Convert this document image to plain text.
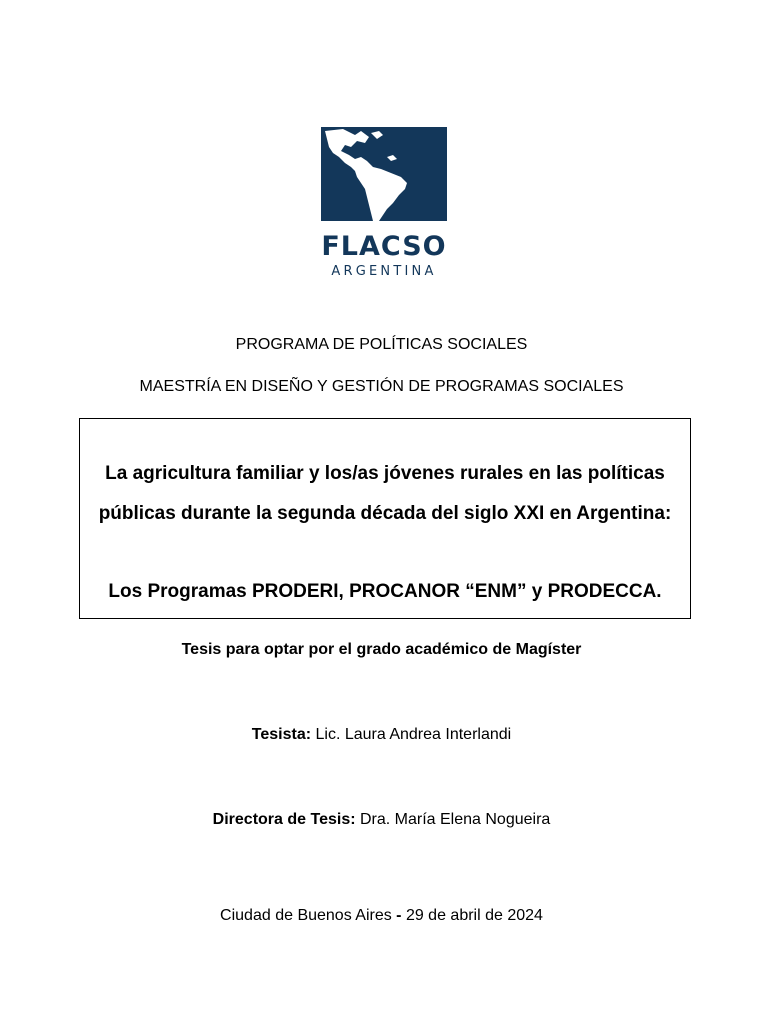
FLACSO
ARGENTINA
PROGRAMA DE POLÍTICAS SOCIALES
MAESTRÍA EN DISEÑO Y GESTIÓN DE PROGRAMAS SOCIALES
La agricultura familiar y los/as jóvenes rurales en las políticas
públicas durante la segunda década del siglo XXI en Argentina:
Los Programas PRODERI, PROCANOR “ENM” y PRODECCA.
Tesis para optar por el grado académico de Magíster
Tesista: Lic. Laura Andrea Interlandi
Directora de Tesis: Dra. María Elena Nogueira
Ciudad de Buenos Aires - 29 de abril de 2024
